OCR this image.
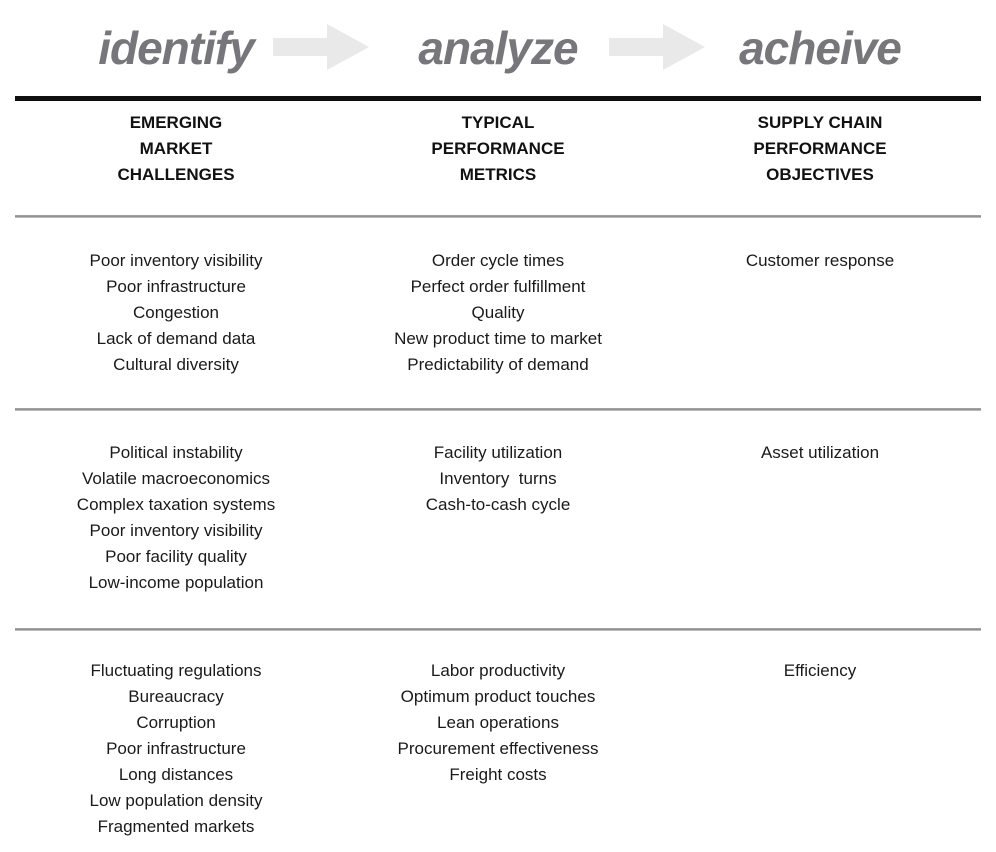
identify	analyze	acheive
EMERGING
MARKET
CHALLENGES
TYPICAL
PERFORMANCE
METRICS
SUPPLY CHAIN
PERFORMANCE
OBJECTIVES
Poor inventory visibility
Poor infrastructure
Congestion
Lack of demand data
Cultural diversity
Order cycle times
Perfect order fulfillment
Quality
New product time to market
Predictability of demand
Customer response
Political instability
Volatile macroeconomics
Complex taxation systems
Poor inventory visibility
Poor facility quality
Low-income population
Facility utilization
Inventory  turns
Cash-to-cash cycle
Asset utilization
Fluctuating regulations
Bureaucracy
Corruption
Poor infrastructure
Long distances
Low population density
Fragmented markets
Labor productivity
Optimum product touches
Lean operations
Procurement effectiveness
Freight costs
Efficiency
